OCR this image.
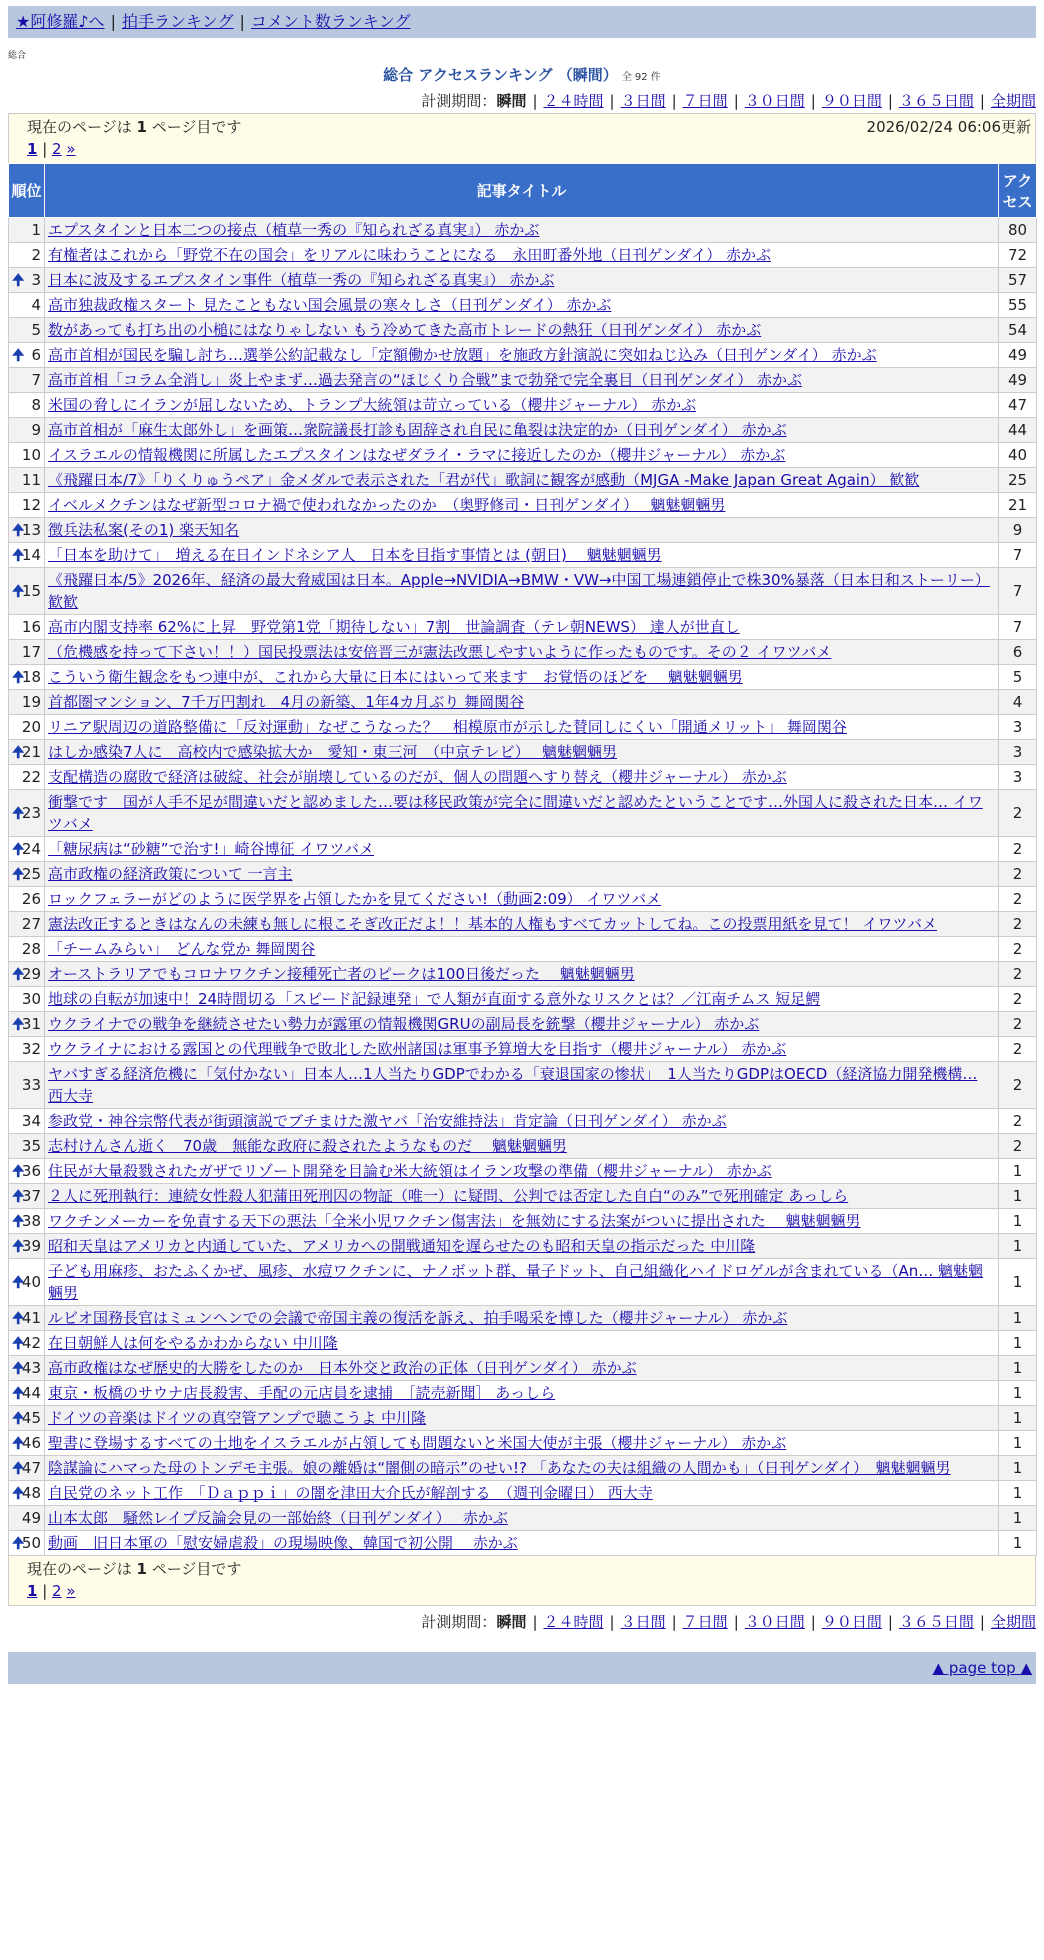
★阿修羅♪へ | 拍手ランキング | コメント数ランキング
総合
総合 アクセスランキング （瞬間） 全 92 件
計測期間：瞬間 | ２４時間 | ３日間 | ７日間 | ３０日間 | ９０日間 | ３６５日間 | 全期間
現在のページは 1 ページ目です	2026/02/24 06:06更新
1 | 2 »
順位	記事タイトル	アクセス
1	エプスタインと日本二つの接点（植草一秀の『知られざる真実』） 赤かぶ	80
2	有権者はこれから「野党不在の国会」をリアルに味わうことになる　永田町番外地（日刊ゲンダイ） 赤かぶ	72

🠉 3	日本に波及するエプスタイン事件（植草一秀の『知られざる真実』） 赤かぶ	57
4	高市独裁政権スタート 見たこともない国会風景の寒々しさ（日刊ゲンダイ） 赤かぶ	55
5	数があっても打ち出の小槌にはなりゃしない もう冷めてきた高市トレードの熱狂（日刊ゲンダイ） 赤かぶ	54

🠉 6	高市首相が国民を騙し討ち…選挙公約記載なし「定額働かせ放題」を施政方針演説に突如ねじ込み（日刊ゲンダイ） 赤かぶ	49
7	高市首相「コラム全消し」炎上やまず…過去発言の“ほじくり合戦”まで勃発で完全裏目（日刊ゲンダイ） 赤かぶ	49
8	米国の脅しにイランが屈しないため、トランプ大統領は苛立っている（櫻井ジャーナル） 赤かぶ	47
9	高市首相が「麻生太郎外し」を画策…衆院議長打診も固辞され自民に亀裂は決定的か（日刊ゲンダイ） 赤かぶ	44
10	イスラエルの情報機関に所属したエプスタインはなぜダライ・ラマに接近したのか（櫻井ジャーナル） 赤かぶ	40
11	《飛躍日本/7》「りくりゅうペア」金メダルで表示された「君が代」歌詞に観客が感動（MJGA -Make Japan Great Again） 歓歓	25
12	イベルメクチンはなぜ新型コロナ禍で使われなかったのか　（奥野修司・日刊ゲンダイ）　 魑魅魍魎男	21

🠉
13	徴兵法私案(その1) 楽天知名	9

🠉
14	「日本を助けて」　増える在日インドネシア人　日本を目指す事情とは (朝日)　 魑魅魍魎男	7

🠉
15	《飛躍日本/5》2026年、経済の最大脅威国は日本。Apple→NVIDIA→BMW・VW→中国工場連鎖停止で株30%暴落（日本日和ストーリー） 歓歓	7
16	高市内閣支持率 62%に上昇　野党第1党「期待しない」7割　世論調査（テレ朝NEWS） 達人が世直し	7
17	（危機感を持って下さい！！）国民投票法は安倍晋三が憲法改悪しやすいように作ったものです。その２ イワツバメ	6

🠉
18	こういう衛生観念をもつ連中が、これから大量に日本にはいって来ます　お覚悟のほどを　 魑魅魍魎男	5
19	首都圏マンション、7千万円割れ　4月の新築、1年4カ月ぶり 舞岡関谷	4
20	リニア駅周辺の道路整備に「反対運動」なぜこうなった？　相模原市が示した賛同しにくい「開通メリット」 舞岡関谷	3

🠉
21	はしか感染7人に　高校内で感染拡大か　愛知・東三河　（中京テレビ）　 魑魅魍魎男	3
22	支配構造の腐敗で経済は破綻、社会が崩壊しているのだが、個人の問題へすり替え（櫻井ジャーナル） 赤かぶ	3

🠉
23	衝撃です　国が人手不足が間違いだと認めました…要は移民政策が完全に間違いだと認めたということです…外国人に殺された日本… イワツバメ	2

🠉
24	「糖尿病は“砂糖”で治す!」崎谷博征 イワツバメ	2

🠉
25	高市政権の経済政策について 一言主	2
26	ロックフェラーがどのように医学界を占領したかを見てください!（動画2:09） イワツバメ	2
27	憲法改正するときはなんの未練も無しに根こそぎ改正だよ！！基本的人権もすべてカットしてね。この投票用紙を見て！ イワツバメ	2
28	「チームみらい」　どんな党か 舞岡関谷	2

🠉
29	オーストラリアでもコロナワクチン接種死亡者のピークは100日後だった　 魑魅魍魎男	2
30	地球の自転が加速中！24時間切る「スピード記録連発」で人類が直面する意外なリスクとは？／江南チムス 短足鰐	2

🠉
31	ウクライナでの戦争を継続させたい勢力が露軍の情報機関GRUの副局長を銃撃（櫻井ジャーナル） 赤かぶ	2
32	ウクライナにおける露国との代理戦争で敗北した欧州諸国は軍事予算増大を目指す（櫻井ジャーナル） 赤かぶ	2
33	ヤバすぎる経済危機に「気付かない」日本人…1人当たりGDPでわかる「衰退国家の惨状」　1人当たりGDPはOECD（経済協力開発機構… 西大寺	2
34	参政党・神谷宗幣代表が街頭演説でブチまけた激ヤバ「治安維持法」肯定論（日刊ゲンダイ） 赤かぶ	2
35	志村けんさん逝く　70歳　無能な政府に殺されたようなものだ　 魑魅魍魎男	2

🠉
36	住民が大量殺戮されたガザでリゾート開発を目論む米大統領はイラン攻撃の準備（櫻井ジャーナル） 赤かぶ	1

🠉
37	２人に死刑執行：連続女性殺人犯蒲田死刑囚の物証（唯一）に疑問、公判では否定した自白“のみ”で死刑確定 あっしら	1

🠉
38	ワクチンメーカーを免責する天下の悪法「全米小児ワクチン傷害法」を無効にする法案がついに提出された　 魑魅魍魎男	1

🠉
39	昭和天皇はアメリカと内通していた、アメリカへの開戦通知を遅らせたのも昭和天皇の指示だった 中川隆	1

🠉
40	子ども用麻疹、おたふくかぜ、風疹、水痘ワクチンに、ナノボット群、量子ドット、自己組織化ハイドロゲルが含まれている（An… 魑魅魍魎男	1

🠉
41	ルビオ国務長官はミュンヘンでの会議で帝国主義の復活を訴え、拍手喝采を博した（櫻井ジャーナル） 赤かぶ	1

🠉
42	在日朝鮮人は何をやるかわからない 中川隆	1

🠉
43	高市政権はなぜ歴史的大勝をしたのか　日本外交と政治の正体（日刊ゲンダイ） 赤かぶ	1

🠉
44	東京・板橋のサウナ店長殺害、手配の元店員を逮捕　［読売新聞］ あっしら	1

🠉
45	ドイツの音楽はドイツの真空管アンプで聴こうよ 中川隆	1

🠉
46	聖書に登場するすべての土地をイスラエルが占領しても問題ないと米国大使が主張（櫻井ジャーナル） 赤かぶ	1

🠉
47	陰謀論にハマった母のトンデモ主張。娘の離婚は“闇側の暗示”のせい!? 「あなたの夫は組織の人間かも」（日刊ゲンダイ）　魑魅魍魎男	1

🠉
48	自民党のネット工作　「Ｄａｐｐｉ」の闇を津田大介氏が解剖する　（週刊金曜日） 西大寺	1
49	山本太郎　騒然レイプ反論会見の一部始終（日刊ゲンダイ）　 赤かぶ	1

🠉
50	動画　旧日本軍の「慰安婦虐殺」の現場映像、韓国で初公開　 赤かぶ	1
現在のページは 1 ページ目です
1 | 2 »
計測期間：瞬間 | ２４時間 | ３日間 | ７日間 | ３０日間 | ９０日間 | ３６５日間 | 全期間
▲ page top ▲
